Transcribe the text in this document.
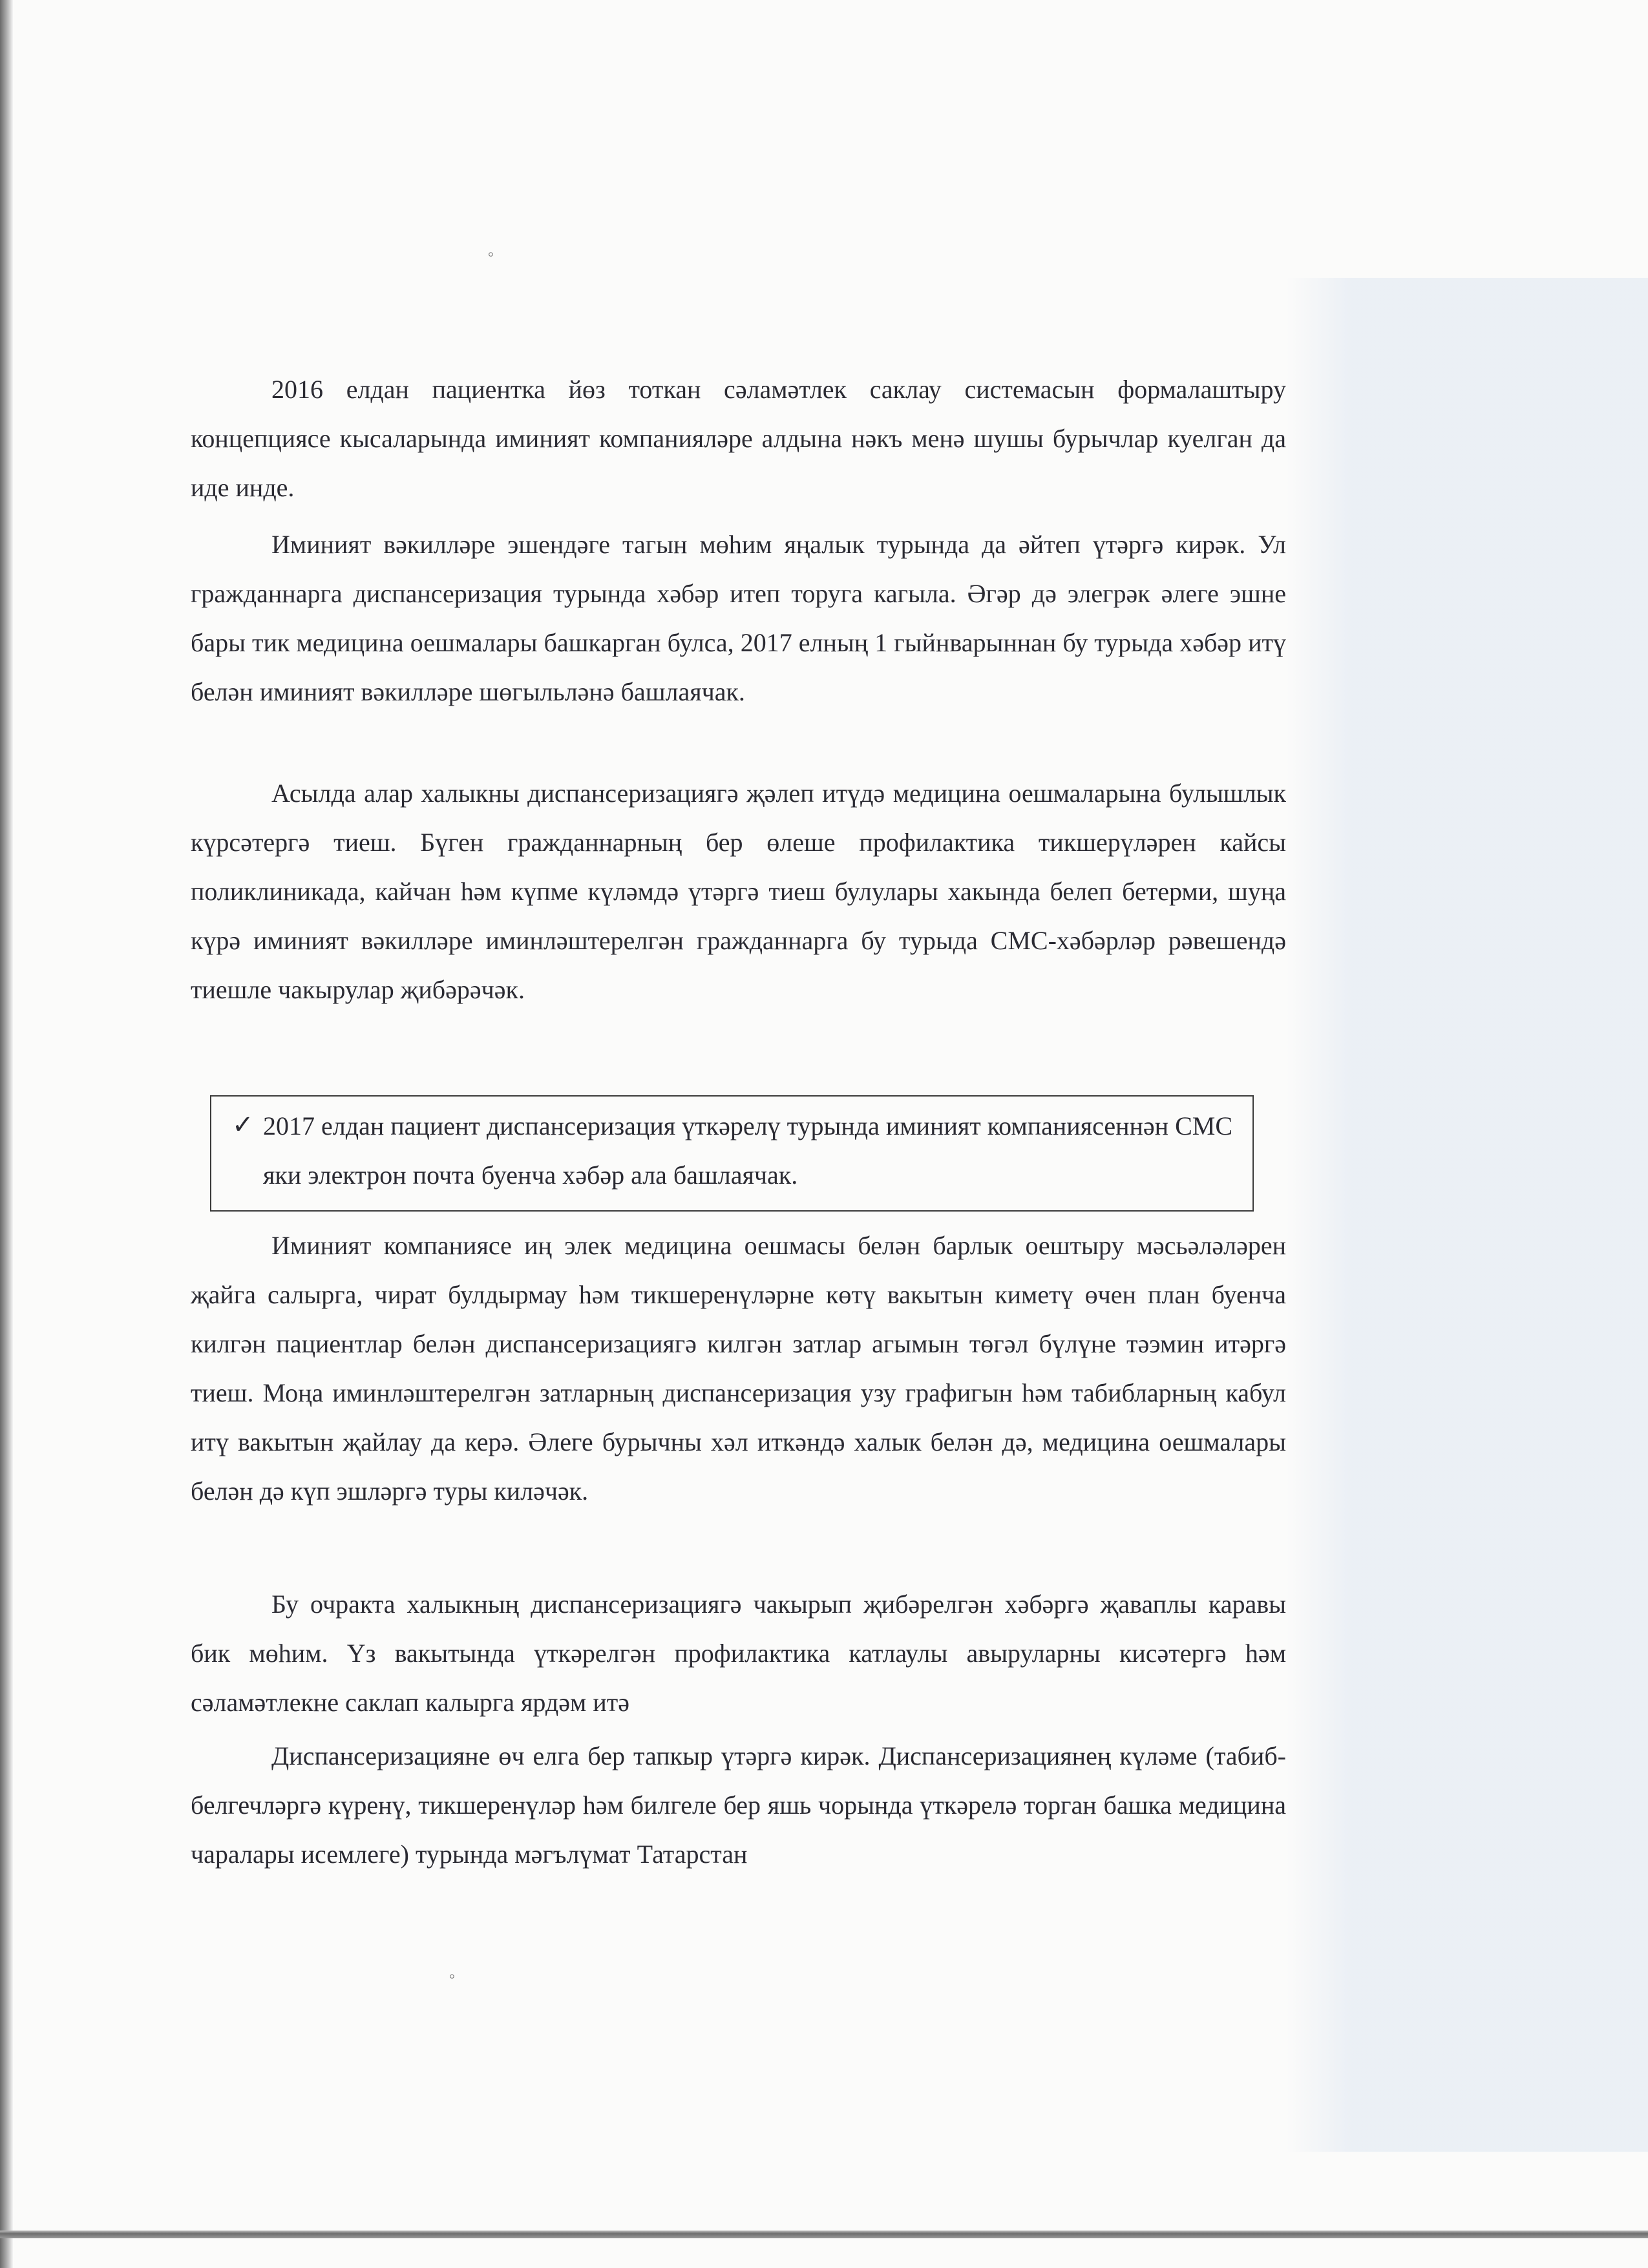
°
°

2016 елдан пациентка йөз тоткан сәламәтлек саклау системасын формалаштыру концепциясе кысаларында иминият компанияләре алдына нәкъ менә шушы бурычлар куелган да иде инде.

Иминият вәкилләре эшендәге тагын мөһим яңалык турында да әйтеп үтәргә кирәк. Ул гражданнарга диспансеризация турында хәбәр итеп торуга кагыла. Әгәр дә элегрәк әлеге эшне бары тик медицина оешмалары башкарган булса, 2017 елның 1 гыйнварыннан бу турыда хәбәр итү белән иминият вәкилләре шөгыльләнә башлаячак.

Асылда алар халыкны диспансеризациягә җәлеп итүдә медицина оешмаларына булышлык күрсәтергә тиеш. Бүген гражданнарның бер өлеше профилактика тикшерүләрен кайсы поликлиникада, кайчан һәм күпме күләмдә үтәргә тиеш булулары хакында белеп бетерми, шуңа күрә иминият вәкилләре иминләштерелгән гражданнарга бу турыда СМС-хәбәрләр рәвешендә тиешле чакырулар җибәрәчәк.

✓ 2017 елдан пациент диспансеризация үткәрелү турында иминият компаниясеннән СМС яки электрон почта буенча хәбәр ала башлаячак.

Иминият компаниясе иң элек медицина оешмасы белән барлык оештыру мәсьәләләрен җайга салырга, чират булдырмау һәм тикшеренүләрне көтү вакытын киметү өчен план буенча килгән пациентлар белән диспансеризациягә килгән затлар агымын төгәл бүлүне тәэмин итәргә тиеш. Моңа иминләштерелгән затларның диспансеризация узу графигын һәм табибларның кабул итү вакытын җайлау да керә. Әлеге бурычны хәл иткәндә халык белән дә, медицина оешмалары белән дә күп эшләргә туры киләчәк.

Бу очракта халыкның диспансеризациягә чакырып җибәрелгән хәбәргә җаваплы каравы бик мөһим. Үз вакытында үткәрелгән профилактика катлаулы авыруларны кисәтергә һәм сәламәтлекне саклап калырга ярдәм итә

Диспансеризацияне өч елга бер тапкыр үтәргә кирәк. Диспансеризациянең күләме (табиб-белгечләргә күренү, тикшеренүләр һәм билгеле бер яшь чорында үткәрелә торган башка медицина чаралары исемлеге) турында мәгълүмат Татарстан
